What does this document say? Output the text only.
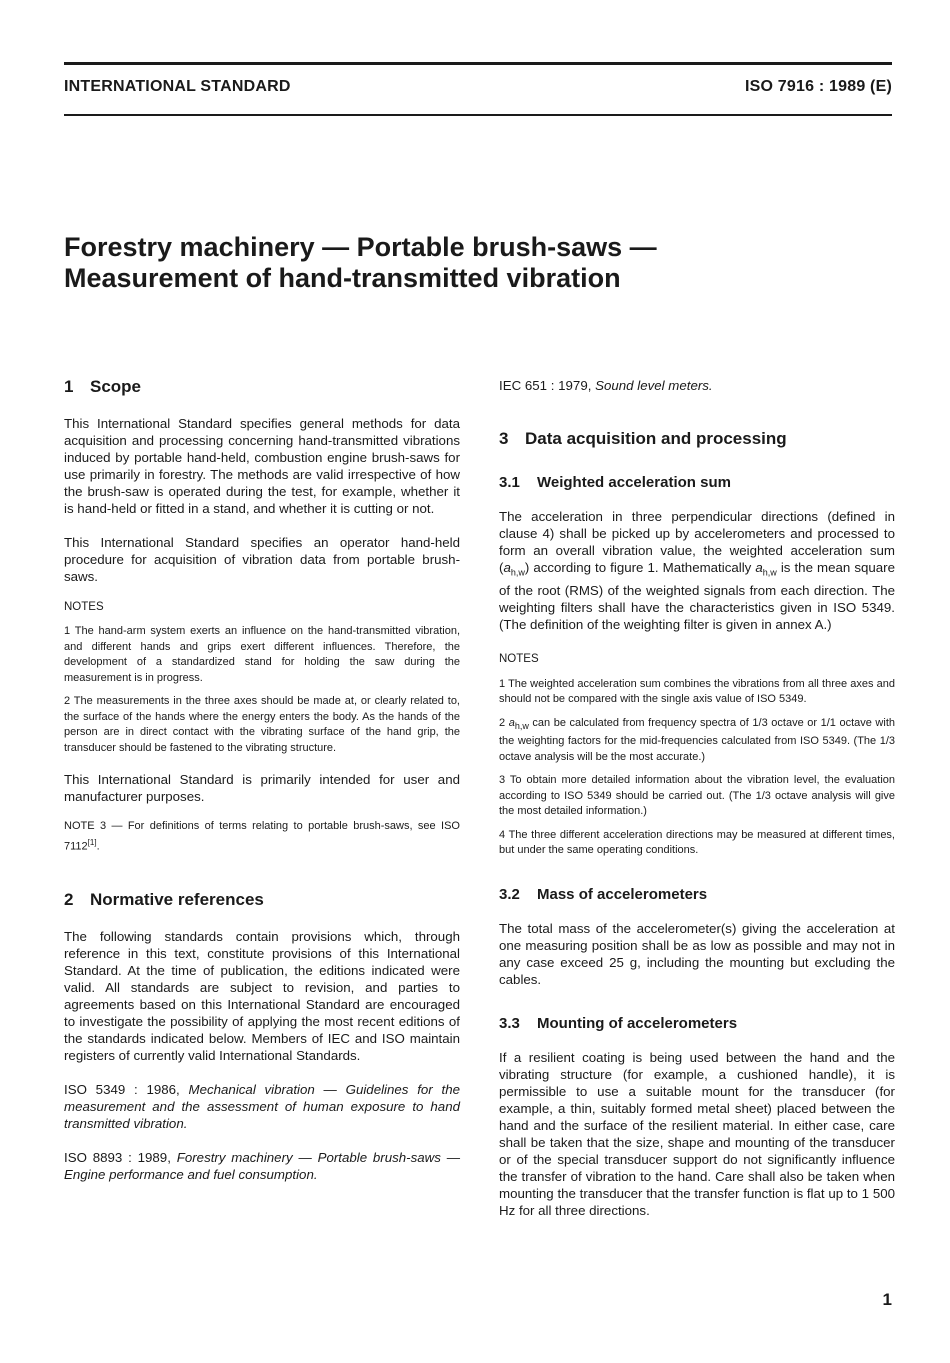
INTERNATIONAL STANDARD	ISO 7916 : 1989 (E)
Forestry machinery — Portable brush-saws —
Measurement of hand-transmitted vibration
1 Scope

This International Standard specifies general methods for data acquisition and processing concerning hand-transmitted vibrations induced by portable hand-held, combustion engine brush-saws for use primarily in forestry. The methods are valid irrespective of how the brush-saw is operated during the test, for example, whether it is hand-held or fitted in a stand, and whether it is cutting or not.

This International Standard specifies an operator hand-held procedure for acquisition of vibration data from portable brush-saws.

NOTES

1 The hand-arm system exerts an influence on the hand-transmitted vibration, and different hands and grips exert different influences. Therefore, the development of a standardized stand for holding the saw during the measurement is in progress.

2 The measurements in the three axes should be made at, or clearly related to, the surface of the hands where the energy enters the body. As the hands of the person are in direct contact with the vibrating surface of the hand grip, the transducer should be fastened to the vibrating structure.

This International Standard is primarily intended for user and manufacturer purposes.

NOTE 3 — For definitions of terms relating to portable brush-saws, see ISO 7112[1].

2 Normative references

The following standards contain provisions which, through reference in this text, constitute provisions of this International Standard. At the time of publication, the editions indicated were valid. All standards are subject to revision, and parties to agreements based on this International Standard are encouraged to investigate the possibility of applying the most recent editions of the standards indicated below. Members of IEC and ISO maintain registers of currently valid International Standards.

ISO 5349 : 1986, Mechanical vibration — Guidelines for the measurement and the assessment of human exposure to hand transmitted vibration.

ISO 8893 : 1989, Forestry machinery — Portable brush-saws — Engine performance and fuel consumption.

IEC 651 : 1979, Sound level meters.

3 Data acquisition and processing
3.1 Weighted acceleration sum

The acceleration in three perpendicular directions (defined in clause 4) shall be picked up by accelerometers and processed to form an overall vibration value, the weighted acceleration sum $(a_{h,w})$ according to figure 1. Mathematically $a_{h,w}$ is the mean square of the root (RMS) of the weighted signals from each direction. The weighting filters shall have the characteristics given in ISO 5349. (The definition of the weighting filter is given in annex A.)

NOTES

1 The weighted acceleration sum combines the vibrations from all three axes and should not be compared with the single axis value of ISO 5349.

2 $a_{h,w}$ can be calculated from frequency spectra of 1/3 octave or 1/1 octave with the weighting factors for the mid-frequencies calculated from ISO 5349. (The 1/3 octave analysis will be the most accurate.)

3 To obtain more detailed information about the vibration level, the evaluation according to ISO 5349 should be carried out. (The 1/3 octave analysis will give the most detailed information.)

4 The three different acceleration directions may be measured at different times, but under the same operating conditions.

3.2 Mass of accelerometers

The total mass of the accelerometer(s) giving the acceleration at one measuring position shall be as low as possible and may not in any case exceed 25 g, including the mounting but excluding the cables.

3.3 Mounting of accelerometers

If a resilient coating is being used between the hand and the vibrating structure (for example, a cushioned handle), it is permissible to use a suitable mount for the transducer (for example, a thin, suitably formed metal sheet) placed between the hand and the surface of the resilient material. In either case, care shall be taken that the size, shape and mounting of the transducer or of the special transducer support do not significantly influence the transfer of vibration to the hand. Care shall also be taken when mounting the transducer that the transfer function is flat up to 1 500 Hz for all three directions.

1
